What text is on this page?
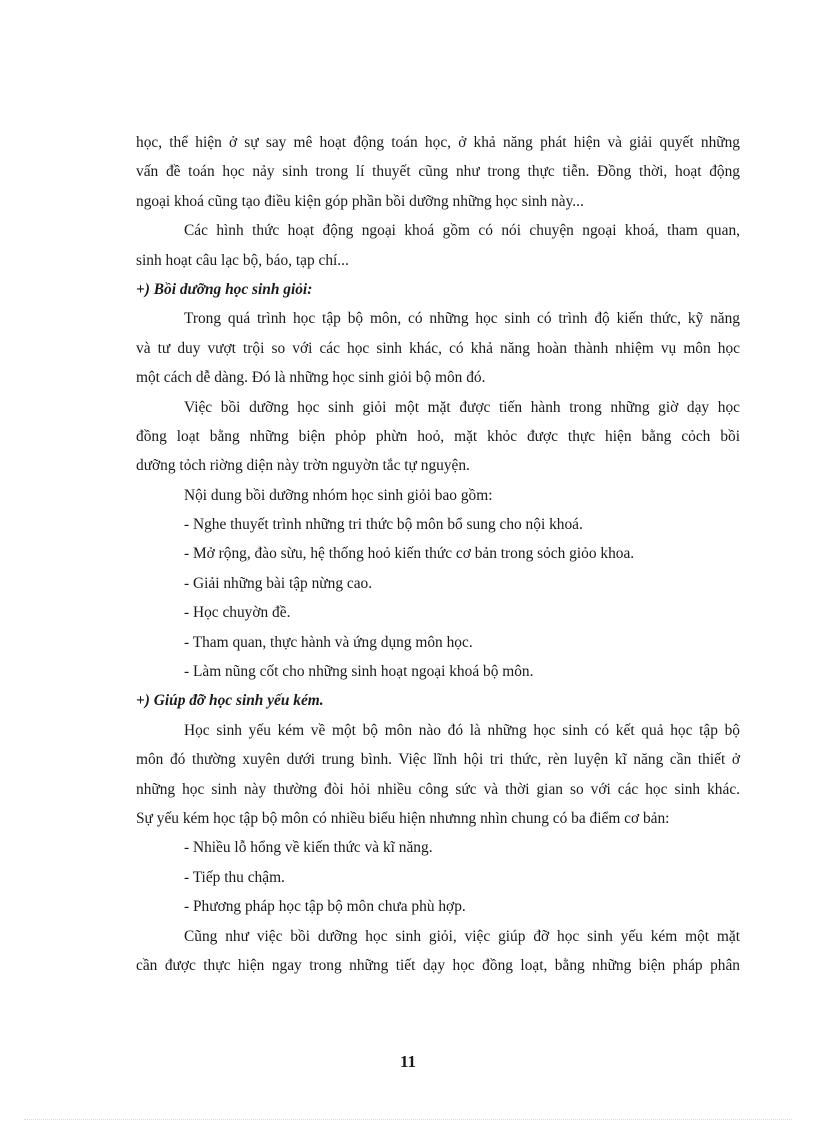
học, thể hiện ở sự say mê hoạt động toán học, ở khả năng phát hiện và giải quyết những
vấn đề toán học nảy sinh trong lí thuyết cũng như trong thực tiễn. Đồng thời, hoạt động
ngoại khoá cũng tạo điều kiện góp phần bồi dưỡng những học sinh này...
Các hình thức hoạt động ngoại khoá gồm có nói chuyện ngoại khoá, tham quan,
sinh hoạt câu lạc bộ, báo, tạp chí...
+) Bồi dưỡng học sinh giỏi:
Trong quá trình học tập bộ môn, có những học sinh có trình độ kiến thức, kỹ năng
và tư duy vượt trội so với các học sinh khác, có khả năng hoàn thành nhiệm vụ môn học
một cách dễ dàng. Đó là những học sinh giỏi bộ môn đó.
Việc bồi dưỡng học sinh giỏi một mặt được tiến hành trong những giờ dạy học
đồng loạt bằng những biện phỏp phừn hoỏ, mặt khỏc được thực hiện bằng cỏch bồi
dưỡng tỏch riờng diện này trờn nguyờn tắc tự nguyện.
Nội dung bồi dưỡng nhóm học sinh giỏi bao gồm:
- Nghe thuyết trình những tri thức bộ môn bổ sung cho nội khoá.
- Mở rộng, đào sừu, hệ thống hoỏ kiến thức cơ bản trong sỏch giỏo khoa.
- Giải những bài tập nừng cao.
- Học chuyờn đề.
- Tham quan, thực hành và ứng dụng môn học.
- Làm nũng cốt cho những sinh hoạt ngoại khoá bộ môn.
+) Giúp đỡ học sinh yếu kém.
Học sinh yếu kém về một bộ môn nào đó là những học sinh có kết quả học tập bộ
môn đó thường xuyên dưới trung bình. Việc lĩnh hội tri thức, rèn luyện kĩ năng cần thiết ở
những học sinh này thường đòi hỏi nhiều công sức và thời gian so với các học sinh khác.
Sự yếu kém học tập bộ môn có nhiều biểu hiện nhưnng nhìn chung có ba điểm cơ bản:
- Nhiều lỗ hổng về kiến thức và kĩ năng.
- Tiếp thu chậm.
- Phương pháp học tập bộ môn chưa phù hợp.
Cũng như việc bồi dưỡng học sinh giỏi, việc giúp đỡ học sinh yếu kém một mặt
cần được thực hiện ngay trong những tiết dạy học đồng loạt, bằng những biện pháp phân
11
